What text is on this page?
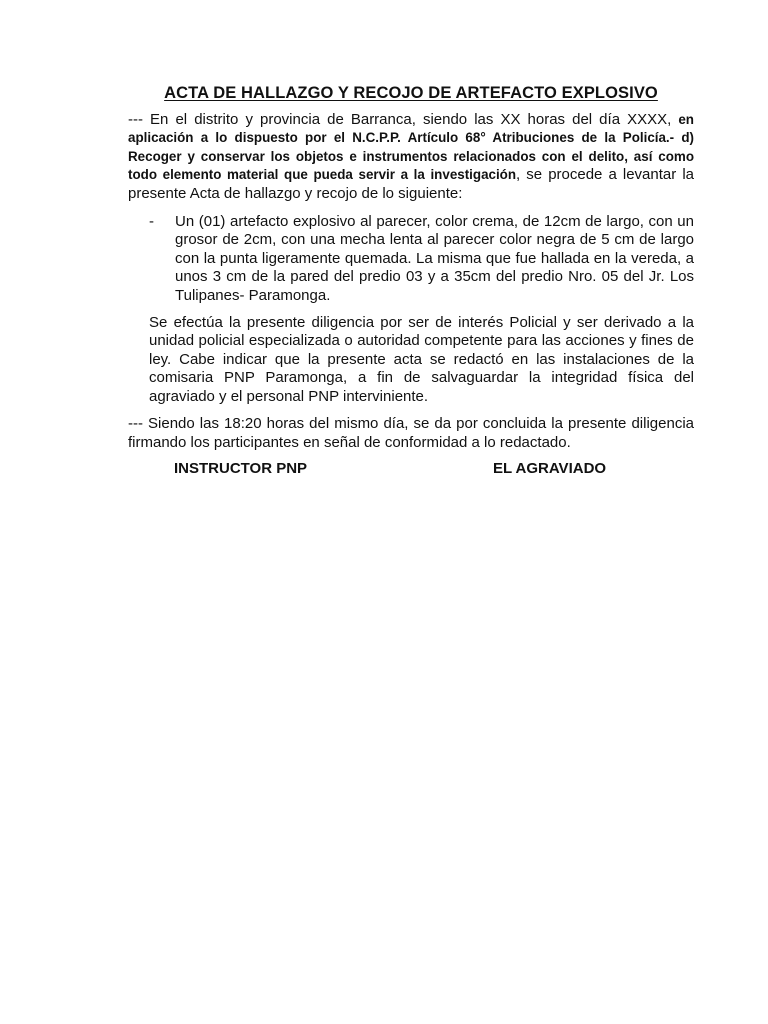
ACTA DE HALLAZGO Y RECOJO DE ARTEFACTO EXPLOSIVO

--- En el distrito y provincia de Barranca, siendo las XX horas del día XXXX, en aplicación a lo dispuesto por el N.C.P.P. Artículo 68° Atribuciones de la Policía.- d) Recoger y conservar los objetos e instrumentos relacionados con el delito, así como todo elemento material que pueda servir a la investigación, se procede a levantar la presente Acta de hallazgo y recojo de lo siguiente:

-	Un (01) artefacto explosivo al parecer, color crema, de 12cm de largo, con un grosor de 2cm, con una mecha lenta al parecer color negra de 5 cm de largo con la punta ligeramente quemada. La misma que fue hallada en la vereda, a unos 3 cm de la pared del predio 03 y a 35cm del predio Nro. 05 del Jr. Los Tulipanes- Paramonga.

Se efectúa la presente diligencia por ser de interés Policial y ser derivado a la unidad policial especializada o autoridad competente para las acciones y fines de ley. Cabe indicar que la presente acta se redactó en las instalaciones de la comisaria PNP Paramonga, a fin de salvaguardar la integridad física del agraviado y el personal PNP interviniente.

--- Siendo las 18:20 horas del mismo día, se da por concluida la presente diligencia firmando los participantes en señal de conformidad a lo redactado.

INSTRUCTOR PNP	EL AGRAVIADO
